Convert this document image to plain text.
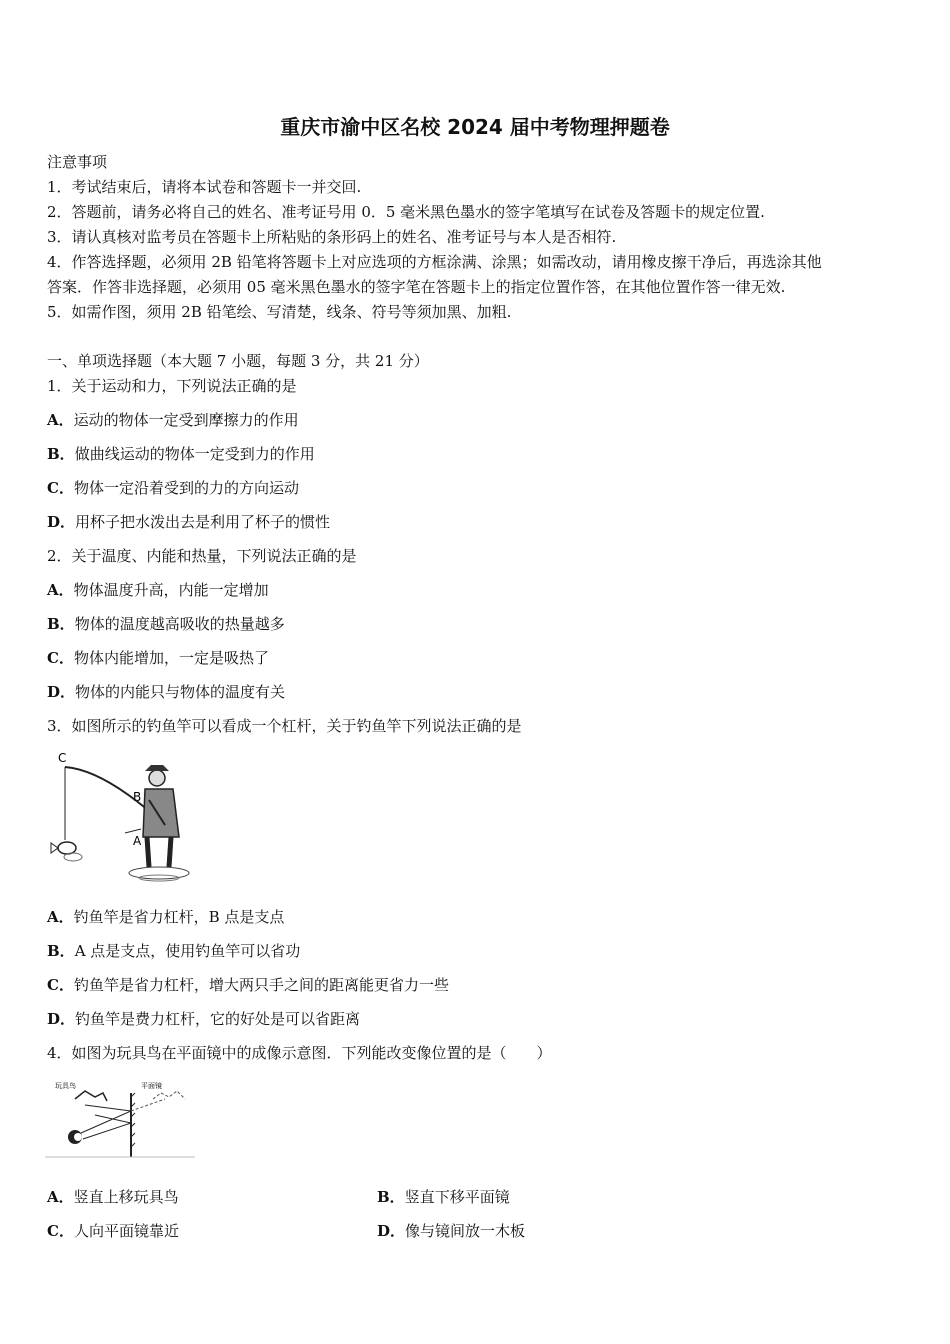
重庆市渝中区名校 2024 届中考物理押题卷
注意事项
1．考试结束后，请将本试卷和答题卡一并交回.
2．答题前，请务必将自己的姓名、准考证号用 0．5 毫米黑色墨水的签字笔填写在试卷及答题卡的规定位置.
3．请认真核对监考员在答题卡上所粘贴的条形码上的姓名、准考证号与本人是否相符.
4．作答选择题，必须用 2B 铅笔将答题卡上对应选项的方框涂满、涂黑；如需改动，请用橡皮擦干净后，再选涂其他
答案．作答非选择题，必须用 05 毫米黑色墨水的签字笔在答题卡上的指定位置作答，在其他位置作答一律无效.
5．如需作图，须用 2B 铅笔绘、写清楚，线条、符号等须加黑、加粗.
一、单项选择题（本大题 7 小题，每题 3 分，共 21 分）
1．关于运动和力，下列说法正确的是
A．运动的物体一定受到摩擦力的作用
B．做曲线运动的物体一定受到力的作用
C．物体一定沿着受到的力的方向运动
D．用杯子把水泼出去是利用了杯子的惯性
2．关于温度、内能和热量，下列说法正确的是
A．物体温度升高，内能一定增加
B．物体的温度越高吸收的热量越多
C．物体内能增加，一定是吸热了
D．物体的内能只与物体的温度有关
3．如图所示的钓鱼竿可以看成一个杠杆，关于钓鱼竿下列说法正确的是
C
B
A
A．钓鱼竿是省力杠杆，B 点是支点
B．A 点是支点，使用钓鱼竿可以省功
C．钓鱼竿是省力杠杆，增大两只手之间的距离能更省力一些
D．钓鱼竿是费力杠杆，它的好处是可以省距离
4．如图为玩具鸟在平面镜中的成像示意图．下列能改变像位置的是（　　）
玩具鸟	平面镜
A．竖直上移玩具鸟	B．竖直下移平面镜
C．人向平面镜靠近	D．像与镜间放一木板
